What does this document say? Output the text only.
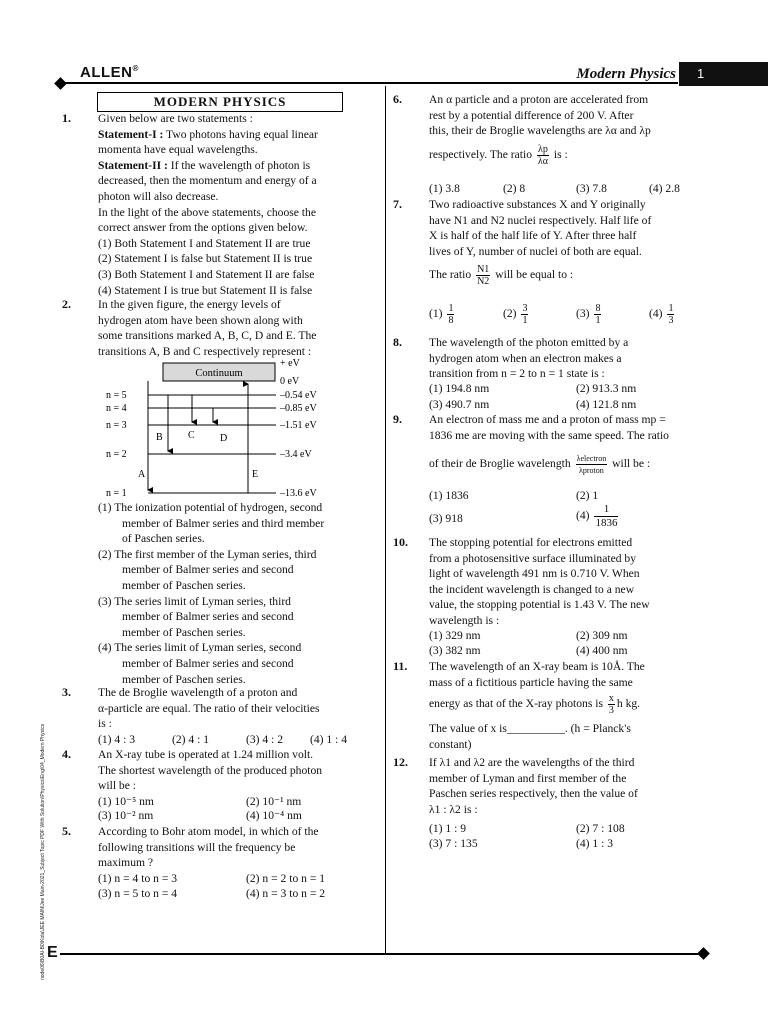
ALLEN®	Modern Physics 1
E
node06\B0AI-B0\Kota\JEE MAIN\Jee Main-2021_Subject Topic PDF With Solution\Physics\Eng\04_Modern Physics
MODERN PHYSICS
1. Given below are two statements :
Statement-I : Two photons having equal linear
momenta have equal wavelengths.
Statement-II : If the wavelength of photon is
decreased, then the momentum and energy of a
photon will also decrease.
In the light of the above statements, choose the
correct answer from the options given below.
(1) Both Statement I and Statement II are true
(2) Statement I is false but Statement II is true
(3) Both Statement I and Statement II are false
(4) Statement I is true but Statement II is false
2. In the given figure, the energy levels of
hydrogen atom have been shown along with
some transitions marked A, B, C, D and E. The
transitions A, B and C respectively represent :
Continuum
+ eV
0 eV
n = 5
n = 4
n = 3
n = 2
n = 1
–0.54 eV
–0.85 eV
–1.51 eV
–3.4 eV
–13.6 eV
A
B	C	D
E
(1) The ionization potential of hydrogen, second
member of Balmer series and third member
of Paschen series.
(2) The first member of the Lyman series, third
member of Balmer series and second
member of Paschen series.
(3) The series limit of Lyman series, third
member of Balmer series and second
member of Paschen series.
(4) The series limit of Lyman series, second
member of Balmer series and second
member of Paschen series.
3. The de Broglie wavelength of a proton and
α-particle are equal. The ratio of their velocities
is :
(1) 4 : 3	(2) 4 : 1	(3) 4 : 2 (4) 1 : 4
4. An X-ray tube is operated at 1.24 million volt.
The shortest wavelength of the produced photon
will be :
(1) 10⁻⁵ nm	(2) 10⁻¹ nm
(3) 10⁻² nm	(4) 10⁻⁴ nm
5. According to Bohr atom model, in which of the
following transitions will the frequency be
maximum ?
(1) n = 4 to n = 3	(2) n = 2 to n = 1
(3) n = 5 to n = 4	(4) n = 3 to n = 2
6. An α particle and a proton are accelerated from
rest by a potential difference of 200 V. After
this, their de Broglie wavelengths are λα and λp
respectively. The ratio $\frac{\lambda p}{\lambda\alpha}$ is :
(1) 3.8	(2) 8	(3) 7.8	(4) 2.8
7. Two radioactive substances X and Y originally
have N1 and N2 nuclei respectively. Half life of
X is half of the half life of Y. After three half
lives of Y, number of nuclei of both are equal.
The ratio $\frac{N1}{N2}$ will be equal to :
$(1) \frac{1}{8}$	$(2) \frac{3}{1}$	$(3) \frac{8}{1}$	$(4) \frac{1}{3}$
8. The wavelength of the photon emitted by a
hydrogen atom when an electron makes a
transition from n = 2 to n = 1 state is :
(1) 194.8 nm	(2) 913.3 nm
(3) 490.7 nm	(4) 121.8 nm
9. An electron of mass me and a proton of mass mp =
1836 me are moving with the same speed. The ratio
of their de Broglie wavelength $\frac{\text{λelectron}}{\text{λproton}}$ will be :
(1) 1836	(2) 1
(3) 918	$(4) \frac{1}{1836}$
10. The stopping potential for electrons emitted
from a photosensitive surface illuminated by
light of wavelength 491 nm is 0.710 V. When
the incident wavelength is changed to a new
value, the stopping potential is 1.43 V. The new
wavelength is :
(1) 329 nm	(2) 309 nm
(3) 382 nm	(4) 400 nm
11. The wavelength of an X-ray beam is 10Å. The
mass of a fictitious particle having the same
energy as that of the X-ray photons is $\frac{x}{3}$ h kg.
The value of x is__________. (h = Planck's
constant)
12. If λ1 and λ2 are the wavelengths of the third
member of Lyman and first member of the
Paschen series respectively, then the value of
λ1 : λ2 is :
(1) 1 : 9	(2) 7 : 108
(3) 7 : 135	(4) 1 : 3
